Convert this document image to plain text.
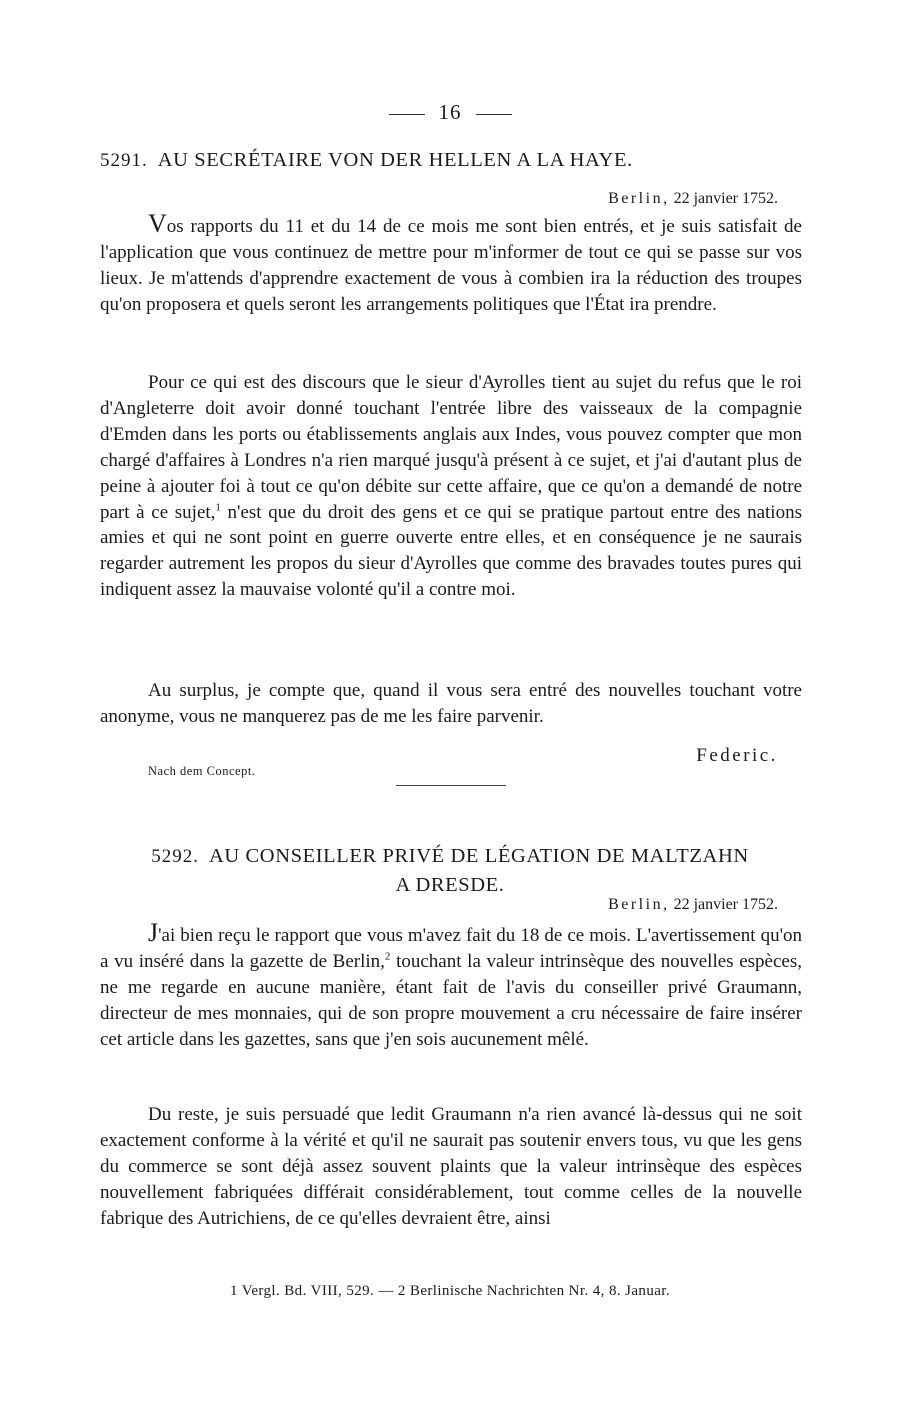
16
5291. AU SECRÉTAIRE VON DER HELLEN A LA HAYE.
Berlin, 22 janvier 1752.

Vos rapports du 11 et du 14 de ce mois me sont bien entrés, et je suis satisfait de l'application que vous continuez de mettre pour m'informer de tout ce qui se passe sur vos lieux. Je m'attends d'apprendre exactement de vous à combien ira la réduction des troupes qu'on proposera et quels seront les arrangements politiques que l'État ira prendre.

Pour ce qui est des discours que le sieur d'Ayrolles tient au sujet du refus que le roi d'Angleterre doit avoir donné touchant l'entrée libre des vaisseaux de la compagnie d'Emden dans les ports ou établissements anglais aux Indes, vous pouvez compter que mon chargé d'affaires à Londres n'a rien marqué jusqu'à présent à ce sujet, et j'ai d'autant plus de peine à ajouter foi à tout ce qu'on débite sur cette affaire, que ce qu'on a demandé de notre part à ce sujet,$^1$ n'est que du droit des gens et ce qui se pratique partout entre des nations amies et qui ne sont point en guerre ouverte entre elles, et en conséquence je ne saurais regarder autrement les propos du sieur d'Ayrolles que comme des bravades toutes pures qui indiquent assez la mauvaise volonté qu'il a contre moi.

Au surplus, je compte que, quand il vous sera entré des nouvelles touchant votre anonyme, vous ne manquerez pas de me les faire parvenir.

Federic.
Nach dem Concept.
5292. AU CONSEILLER PRIVÉ DE LÉGATION DE MALTZAHN
A DRESDE.
Berlin, 22 janvier 1752.

J'ai bien reçu le rapport que vous m'avez fait du 18 de ce mois. L'avertissement qu'on a vu inséré dans la gazette de Berlin,$^2$ touchant la valeur intrinsèque des nouvelles espèces, ne me regarde en aucune manière, étant fait de l'avis du conseiller privé Graumann, directeur de mes monnaies, qui de son propre mouvement a cru nécessaire de faire insérer cet article dans les gazettes, sans que j'en sois aucunement mêlé.

Du reste, je suis persuadé que ledit Graumann n'a rien avancé là-dessus qui ne soit exactement conforme à la vérité et qu'il ne saurait pas soutenir envers tous, vu que les gens du commerce se sont déjà assez souvent plaints que la valeur intrinsèque des espèces nouvellement fabriquées différait considérablement, tout comme celles de la nouvelle fabrique des Autrichiens, de ce qu'elles devraient être, ainsi

1 Vergl. Bd. VIII, 529. — 2 Berlinische Nachrichten Nr. 4, 8. Januar.
